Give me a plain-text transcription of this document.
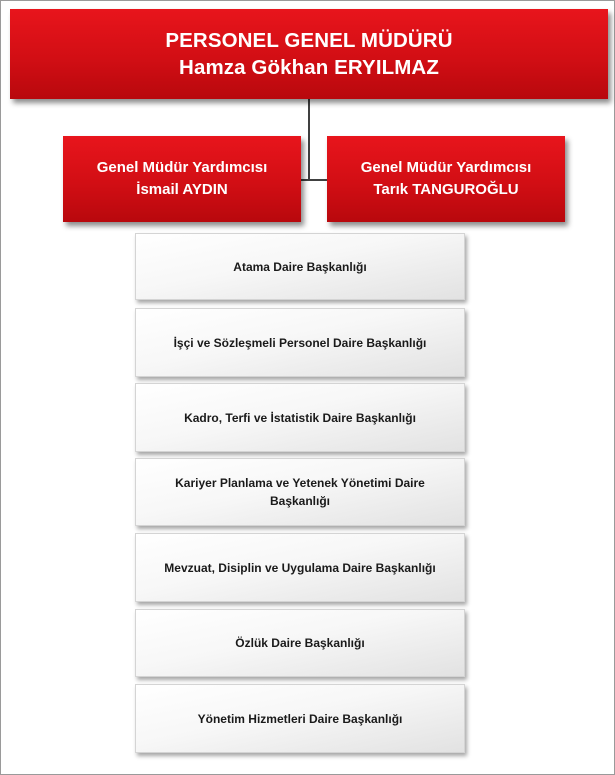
PERSONEL GENEL MÜDÜRÜ
Hamza Gökhan ERYILMAZ
Genel Müdür Yardımcısı
İsmail AYDIN
Genel Müdür Yardımcısı
Tarık TANGUROĞLU
Atama Daire Başkanlığı
İşçi ve Sözleşmeli Personel Daire Başkanlığı
Kadro, Terfi ve İstatistik Daire Başkanlığı
Kariyer Planlama ve Yetenek Yönetimi Daire Başkanlığı
Mevzuat, Disiplin ve Uygulama Daire Başkanlığı
Özlük Daire Başkanlığı
Yönetim Hizmetleri Daire Başkanlığı
